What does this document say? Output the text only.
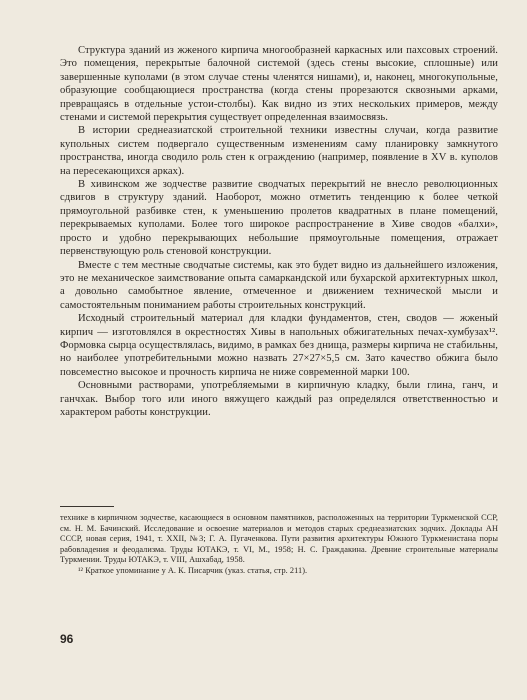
Структура зданий из жженого кирпича многообразней каркасных или пахсовых строений. Это помещения, перекрытые балочной системой (здесь стены высокие, сплошные) или завершенные куполами (в этом случае стены членятся нишами), и, наконец, многокупольные, образующие сообщающиеся пространства (когда стены прорезаются сквозными арками, превращаясь в отдельные устои-столбы). Как видно из этих нескольких примеров, между стенами и системой перекрытия существует определенная взаимосвязь.

В истории среднеазиатской строительной техники известны случаи, когда развитие купольных систем подвергало существенным изменениям саму планировку замкнутого пространства, иногда сводило роль стен к ограждению (например, появление в XV в. куполов на пересекающихся арках).

В хивинском же зодчестве развитие сводчатых перекрытий не внесло революционных сдвигов в структуру зданий. Наоборот, можно отметить тенденцию к более четкой прямоугольной разбивке стен, к уменьшению пролетов квадратных в плане помещений, перекрываемых куполами. Более того широкое распространение в Хиве сводов «балхи», просто и удобно перекрывающих небольшие прямоугольные помещения, отражает первенствующую роль стеновой конструкции.

Вместе с тем местные сводчатые системы, как это будет видно из дальнейшего изложения, это не механическое заимствование опыта самаркандской или бухарской архитектурных школ, а довольно самобытное явление, отмеченное и движением технической мысли и самостоятельным пониманием работы строительных конструкций.

Исходный строительный материал для кладки фундаментов, стен, сводов — жженый кирпич — изготовлялся в окрестностях Хивы в напольных обжигательных печах-хумбузах¹². Формовка сырца осуществлялась, видимо, в рамках без днища, размеры кирпича не стабильны, но наиболее употребительными можно назвать 27×27×5,5 см. Зато качество обжига было повсеместно высокое и прочность кирпича не ниже современной марки 100.

Основными растворами, употребляемыми в кирпичную кладку, были глина, ганч, и ганчхак. Выбор того или иного вяжущего каждый раз определялся ответственностью и характером работы конструкции.

технике в кирпичном зодчестве, касающиеся в основном памятников, расположенных на территории Туркменской ССР, см. Н. М. Бачинский. Исследование и освоение материалов и методов старых среднеазиатских зодчих. Доклады АН СССР, новая серия, 1941, т. XXII, №3; Г. А. Пугаченкова. Пути развития архитектуры Южного Туркменистана поры рабовладения и феодализма. Труды ЮТАКЭ, т. VI, М., 1958; Н. С. Граждакина. Древние строительные материалы Туркмении. Труды ЮТАКЭ, т. VIII, Ашхабад, 1958.

¹² Краткое упоминание у А. К. Писарчик (указ. статья, стр. 211).

96
